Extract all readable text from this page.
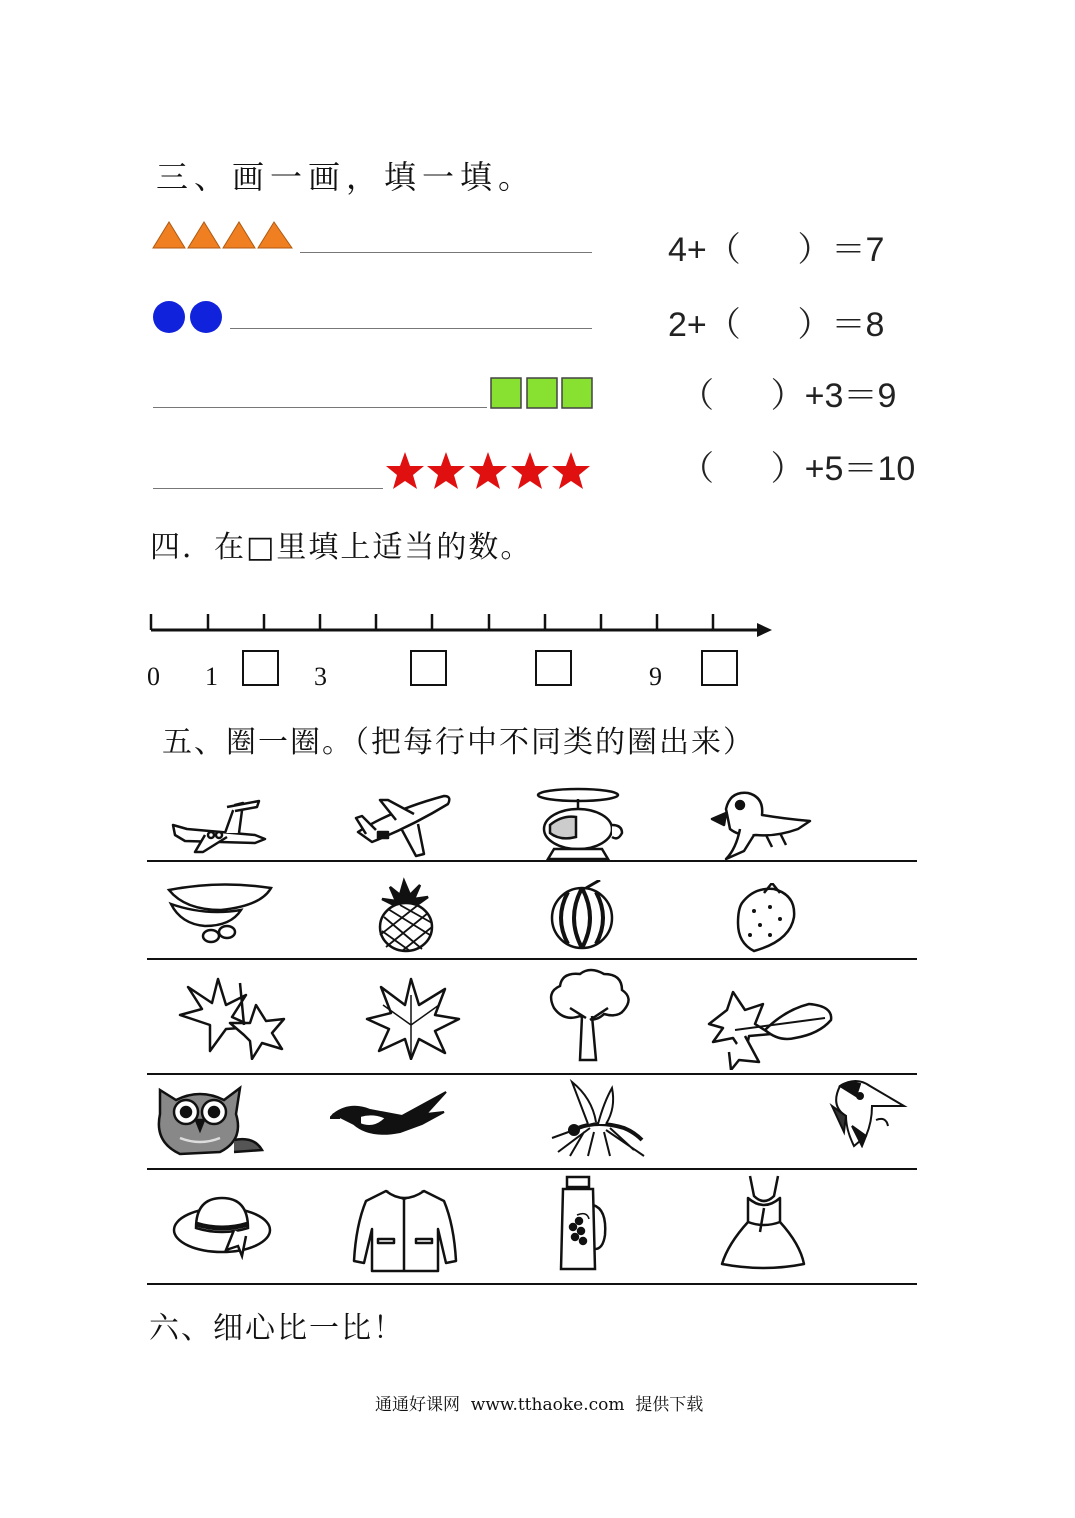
三、画一画，填一填。
4+（      ）＝7
2+（      ）＝8
（      ）+3＝9
（      ）+5＝10
四．在□里填上适当的数。
0 1	3	9
五、圈一圈。（把每行中不同类的圈出来）
六、细心比一比！
通通好课网  www.tthaoke.com  提供下载
